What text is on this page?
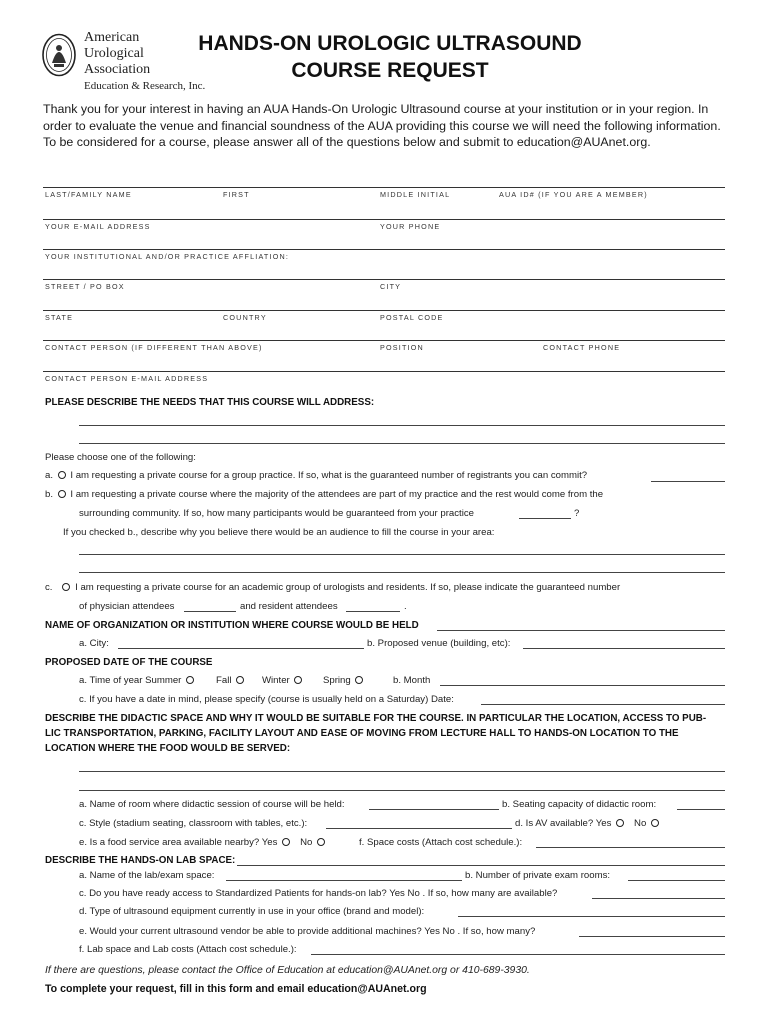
American
Urological
Association
Education & Research, Inc.
HANDS-ON UROLOGIC ULTRASOUND
COURSE REQUEST
Thank you for your interest in having an AUA Hands-On Urologic Ultrasound course at your institution or in your region. In order to evaluate the venue and financial soundness of the AUA providing this course we will need the following information. To be considered for a course, please answer all of the questions below and submit to education@AUAnet.org.
LAST/FAMILY NAME	FIRST	MIDDLE INITIAL	AUA ID# (IF YOU ARE A MEMBER)
YOUR E-MAIL ADDRESS	YOUR PHONE
YOUR INSTITUTIONAL AND/OR PRACTICE AFFLIATION:
STREET / PO BOX	CITY
STATE	COUNTRY	POSTAL CODE
CONTACT PERSON (IF DIFFERENT THAN ABOVE)	POSITION	CONTACT PHONE
CONTACT PERSON E-MAIL ADDRESS
PLEASE DESCRIBE THE NEEDS THAT THIS COURSE WILL ADDRESS:
Please choose one of the following:
a. I am requesting a private course for a group practice. If so, what is the guaranteed number of registrants you can commit?
b. I am requesting a private course where the majority of the attendees are part of my practice and the rest would come from the
surrounding community. If so, how many participants would be guaranteed from your practice	?
If you checked b., describe why you believe there would be an audience to fill the course in your area:
c. I am requesting a private course for an academic group of urologists and residents. If so, please indicate the guaranteed number
of physician attendees	and resident attendees	.
NAME OF ORGANIZATION OR INSTITUTION WHERE COURSE WOULD BE HELD
a. City:	b. Proposed venue (building, etc):
PROPOSED DATE OF THE COURSE
a. Time of year Summer	Fall	Winter	Spring	b. Month
c. If you have a date in mind, please specify (course is usually held on a Saturday) Date:
DESCRIBE THE DIDACTIC SPACE AND WHY IT WOULD BE SUITABLE FOR THE COURSE. IN PARTICULAR THE LOCATION, ACCESS TO PUB-
LIC TRANSPORTATION, PARKING, FACILITY LAYOUT AND EASE OF MOVING FROM LECTURE HALL TO HANDS-ON LOCATION TO THE
LOCATION WHERE THE FOOD WOULD BE SERVED:
a. Name of room where didactic session of course will be held:	b. Seating capacity of didactic room:
c. Style (stadium seating, classroom with tables, etc.):	d. Is AV available? Yes No
e. Is a food service area available nearby? Yes No	f. Space costs (Attach cost schedule.):
DESCRIBE THE HANDS-ON LAB SPACE:
a. Name of the lab/exam space:	b. Number of private exam rooms:
c. Do you have ready access to Standardized Patients for hands-on lab? Yes No . If so, how many are available?
d. Type of ultrasound equipment currently in use in your office (brand and model):
e. Would your current ultrasound vendor be able to provide additional machines? Yes No . If so, how many?
f. Lab space and Lab costs (Attach cost schedule.):
If there are questions, please contact the Office of Education at education@AUAnet.org or 410-689-3930.
To complete your request, fill in this form and email education@AUAnet.org
